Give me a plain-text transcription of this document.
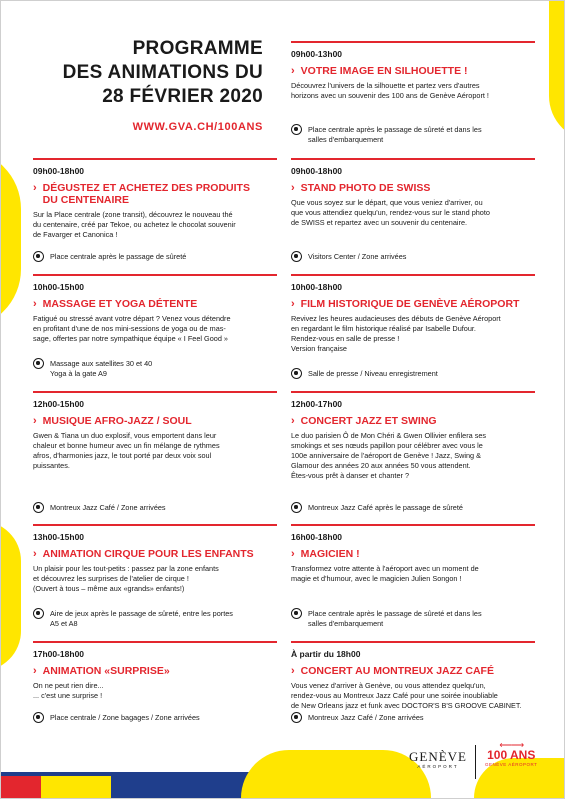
PROGRAMME
DES ANIMATIONS DU
28 FÉVRIER 2020
WWW.GVA.CH/100ANS
09h00-18h00
› DÉGUSTEZ ET ACHETEZ DES PRODUITS
DU CENTENAIRE
Sur la Place centrale (zone transit), découvrez le nouveau thé
du centenaire, créé par Tekoe, ou achetez le chocolat souvenir
de Favarger et Canonica !
Place centrale après le passage de sûreté
10h00-15h00
› MASSAGE ET YOGA DÉTENTE
Fatigué ou stressé avant votre départ ? Venez vous détendre
en profitant d'une de nos mini-sessions de yoga ou de mas-
sage, offertes par notre sympathique équipe « I Feel Good »
Massage aux satellites 30 et 40
Yoga à la gate A9
12h00-15h00
› MUSIQUE AFRO-JAZZ / SOUL
Gwen & Tiana un duo explosif, vous emportent dans leur
chaleur et bonne humeur avec un fin mélange de rythmes
afros, d'harmonies jazz, le tout porté par deux voix soul
puissantes.
Montreux Jazz Café / Zone arrivées
13h00-15h00
› ANIMATION CIRQUE POUR LES ENFANTS
Un plaisir pour les tout-petits : passez par la zone enfants
et découvrez les surprises de l'atelier de cirque !
(Ouvert à tous – même aux «grands» enfants!)
Aire de jeux après le passage de sûreté, entre les portes
A5 et A8
17h00-18h00
› ANIMATION «SURPRISE»
On ne peut rien dire...
... c'est une surprise !
Place centrale / Zone bagages / Zone arrivées
09h00-13h00
› VOTRE IMAGE EN SILHOUETTE !
Découvrez l'univers de la silhouette et partez vers d'autres
horizons avec un souvenir des 100 ans de Genève Aéroport !
Place centrale après le passage de sûreté et dans les
salles d'embarquement
09h00-18h00
› STAND PHOTO DE SWISS
Que vous soyez sur le départ, que vous veniez d'arriver, ou
que vous attendiez quelqu'un, rendez-vous sur le stand photo
de SWISS et repartez avec un souvenir du centenaire.
Visitors Center / Zone arrivées
10h00-18h00
› FILM HISTORIQUE DE GENÈVE AÉROPORT
Revivez les heures audacieuses des débuts de Genève Aéroport
en regardant le film historique réalisé par Isabelle Dufour.
Rendez-vous en salle de presse !
Version française
Salle de presse / Niveau enregistrement
12h00-17h00
› CONCERT JAZZ ET SWING
Le duo parisien Ô de Mon Chéri & Gwen Ollivier enfilera ses
smokings et ses nœuds papillon pour célébrer avec vous le
100e anniversaire de l'aéroport de Genève ! Jazz, Swing &
Glamour des années 20 aux années 50 vous attendent.
Êtes-vous prêt à danser et chanter ?
Montreux Jazz Café après le passage de sûreté
16h00-18h00
› MAGICIEN !
Transformez votre attente à l'aéroport avec un moment de
magie et d'humour, avec le magicien Julien Songon !
Place centrale après le passage de sûreté et dans les
salles d'embarquement
À partir du 18h00
› CONCERT AU MONTREUX JAZZ CAFÉ
Vous venez d'arriver à Genève, ou vous attendez quelqu'un,
rendez-vous au Montreux Jazz Café pour une soirée inoubliable
de New Orleans jazz et funk avec DOCTOR'S B'S GROOVE CABINET.
Montreux Jazz Café / Zone arrivées
GENÈVE
AÉROPORT
⟵⟶
100 ANS
GENÈVE AÉROPORT
